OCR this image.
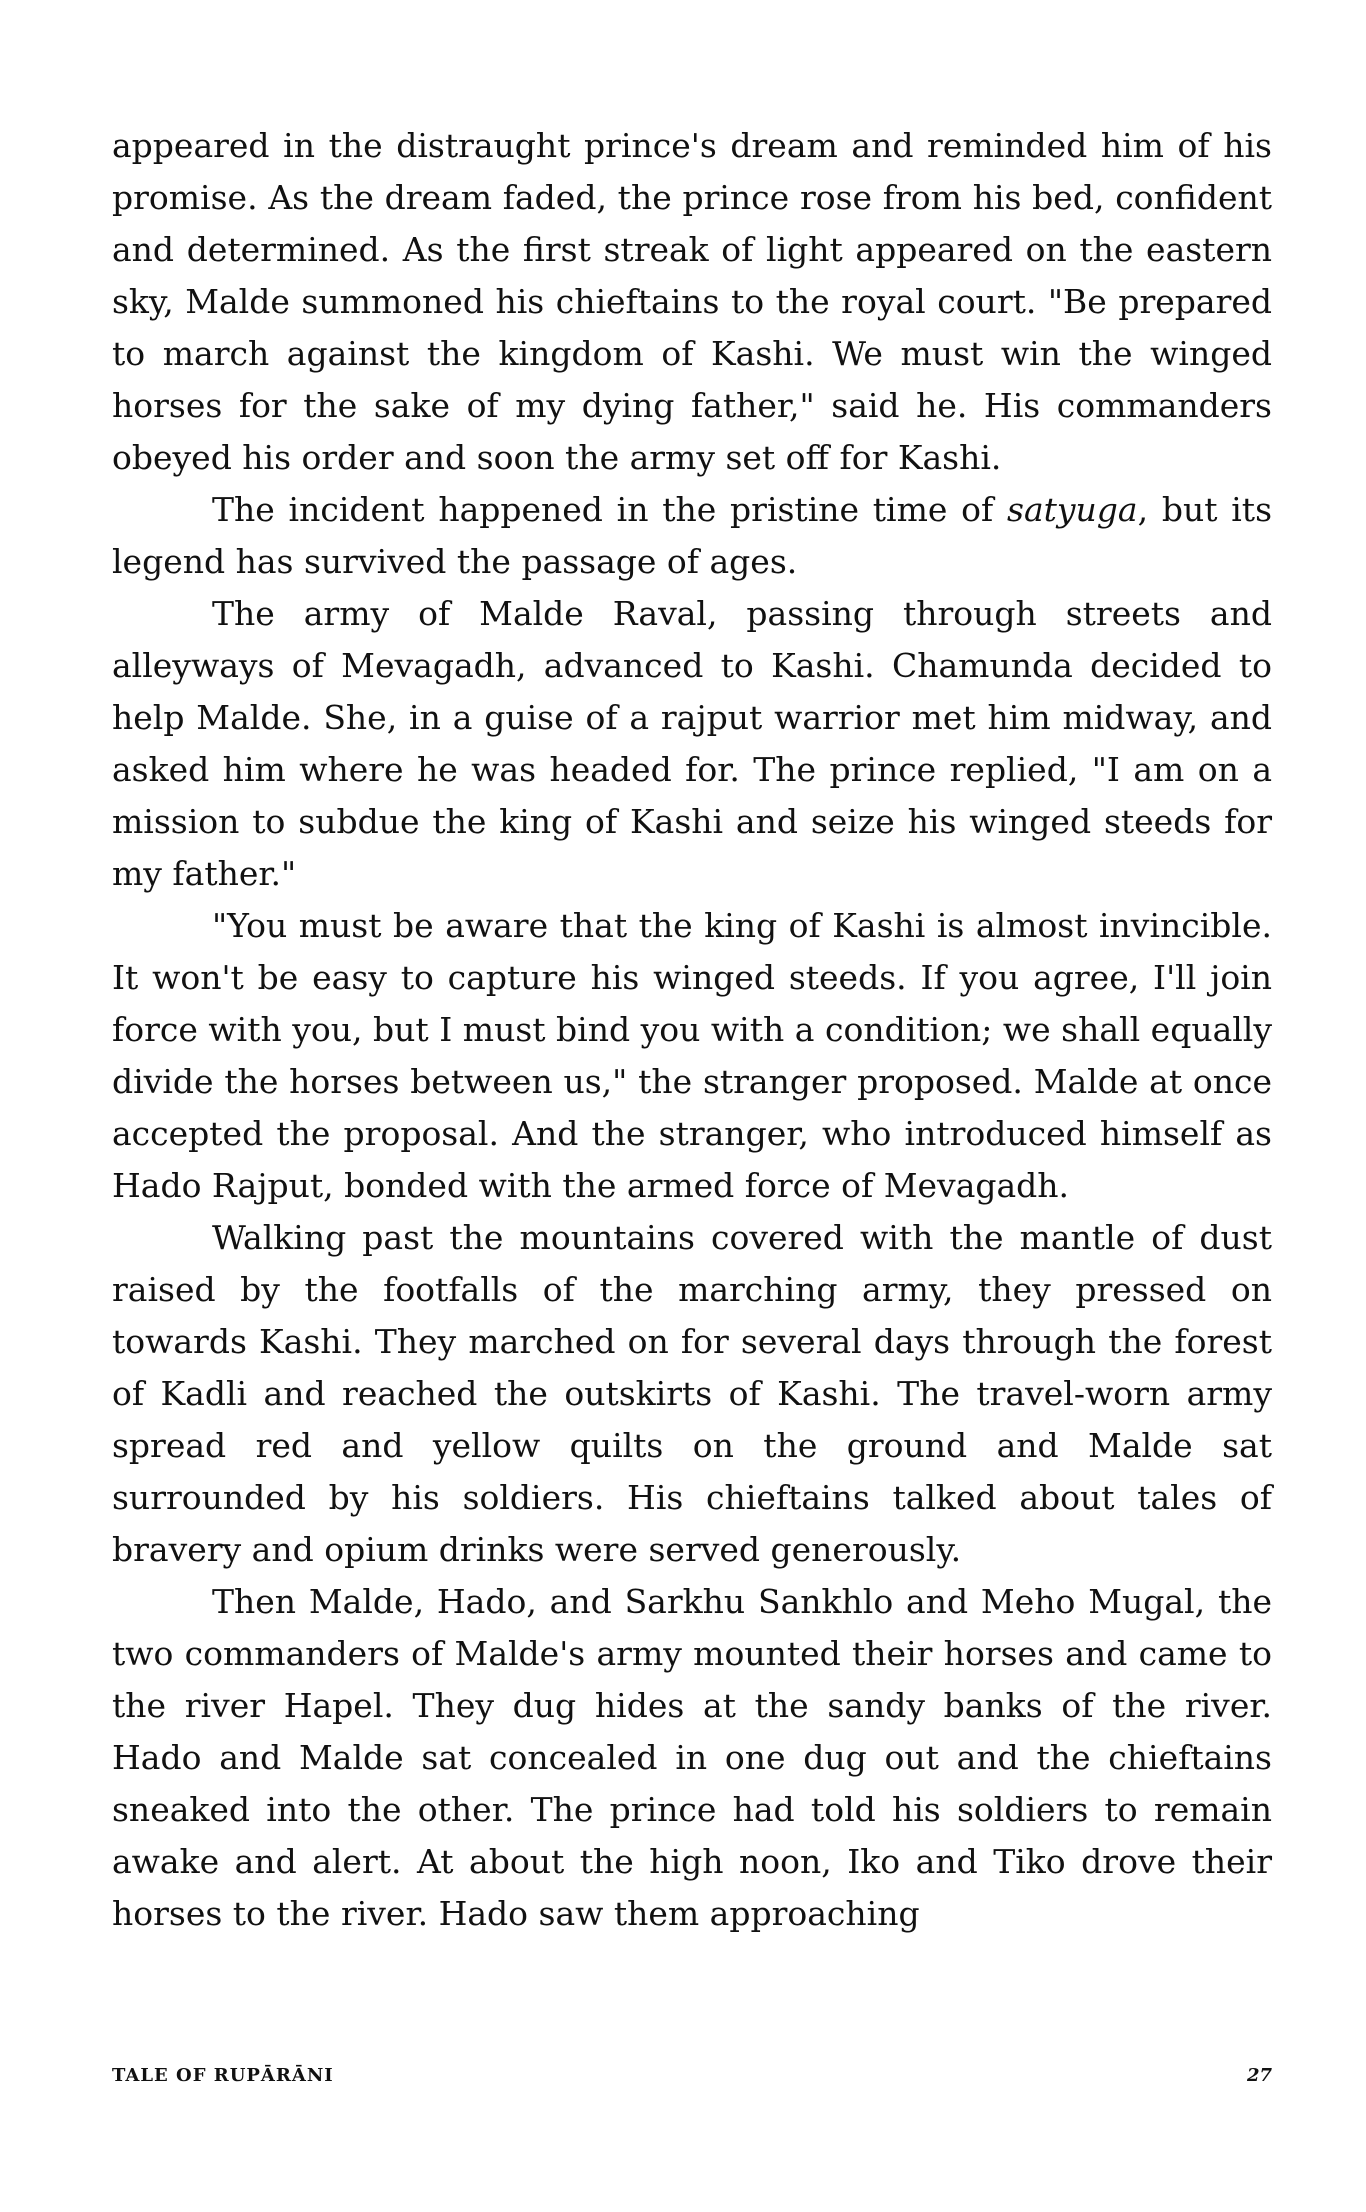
appeared in the distraught prince's dream and reminded him of his promise. As the dream faded, the prince rose from his bed, confident and determined. As the first streak of light appeared on the eastern sky, Malde summoned his chieftains to the royal court. "Be prepared to march against the kingdom of Kashi. We must win the winged horses for the sake of my dying father," said he. His commanders obeyed his order and soon the army set off for Kashi.

The incident happened in the pristine time of satyuga, but its legend has survived the passage of ages.

The army of Malde Raval, passing through streets and alleyways of Mevagadh, advanced to Kashi. Chamunda decided to help Malde. She, in a guise of a rajput warrior met him midway, and asked him where he was headed for. The prince replied, "I am on a mission to subdue the king of Kashi and seize his winged steeds for my father."

"You must be aware that the king of Kashi is almost invincible. It won't be easy to capture his winged steeds. If you agree, I'll join force with you, but I must bind you with a condition; we shall equally divide the horses between us," the stranger proposed. Malde at once accepted the proposal. And the stranger, who introduced himself as Hado Rajput, bonded with the armed force of Mevagadh.

Walking past the mountains covered with the mantle of dust raised by the footfalls of the marching army, they pressed on towards Kashi. They marched on for several days through the forest of Kadli and reached the outskirts of Kashi. The travel-worn army spread red and yellow quilts on the ground and Malde sat surrounded by his soldiers. His chieftains talked about tales of bravery and opium drinks were served generously.

Then Malde, Hado, and Sarkhu Sankhlo and Meho Mugal, the two commanders of Malde's army mounted their horses and came to the river Hapel. They dug hides at the sandy banks of the river. Hado and Malde sat concealed in one dug out and the chieftains sneaked into the other. The prince had told his soldiers to remain awake and alert. At about the high noon, Iko and Tiko drove their horses to the river. Hado saw them approaching

TALE OF RUPĀRĀNI	27
